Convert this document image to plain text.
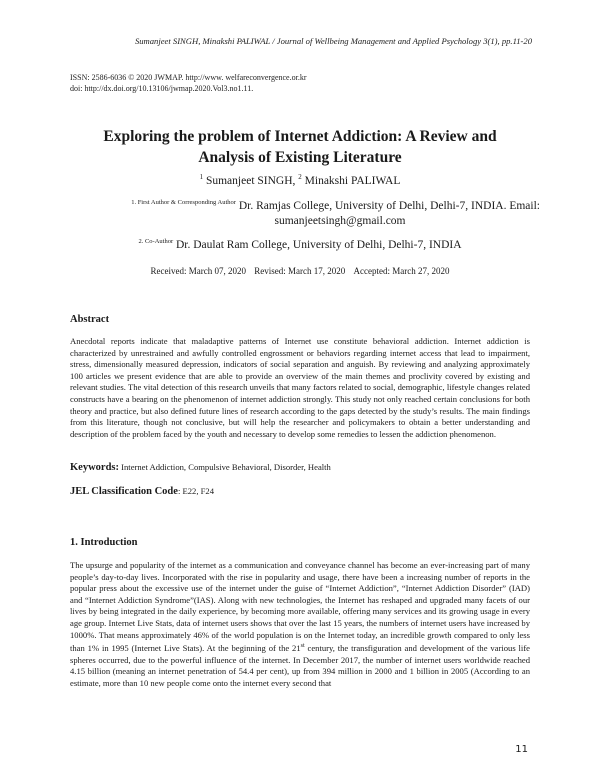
Sumanjeet SINGH, Minakshi PALIWAL / Journal of Wellbeing Management and Applied Psychology 3(1), pp.11-20
ISSN: 2586-6036 © 2020 JWMAP. http://www. welfareconvergence.or.kr
doi: http://dx.doi.org/10.13106/jwmap.2020.Vol3.no1.11.
Exploring the problem of Internet Addiction: A Review and
Analysis of Existing Literature
$^1$ Sumanjeet SINGH, $^2$ Minakshi PALIWAL
$^{1. First Author \& Corresponding Author}$ Dr. Ramjas College, University of Delhi, Delhi-7, INDIA. Email:
sumanjeetsingh@gmail.com
$^{2. Co-Author}$ Dr. Daulat Ram College, University of Delhi, Delhi-7, INDIA
Received: March 07, 2020 Revised: March 17, 2020 Accepted: March 27, 2020
Abstract
Anecdotal reports indicate that maladaptive patterns of Internet use constitute behavioral addiction. Internet addiction is characterized by unrestrained and awfully controlled engrossment or behaviors regarding internet access that lead to impairment, stress, dimensionally measured depression, indicators of social separation and anguish. By reviewing and analyzing approximately 100 articles we present evidence that are able to provide an overview of the main themes and proclivity covered by existing and relevant studies. The vital detection of this research unveils that many factors related to social, demographic, lifestyle changes related constructs have a bearing on the phenomenon of internet addiction strongly. This study not only reached certain conclusions for both theory and practice, but also defined future lines of research according to the gaps detected by the study’s results. The main findings from this literature, though not conclusive, but will help the researcher and policymakers to obtain a better understanding and description of the problem faced by the youth and necessary to develop some remedies to lessen the addiction phenomenon.
Keywords: Internet Addiction, Compulsive Behavioral, Disorder, Health
JEL Classification Code: E22, F24
1. Introduction
The upsurge and popularity of the internet as a communication and conveyance channel has become an ever-increasing part of many people’s day-to-day lives. Incorporated with the rise in popularity and usage, there have been a increasing number of reports in the popular press about the excessive use of the internet under the guise of “Internet Addiction”, “Internet Addiction Disorder” (IAD) and “Internet Addiction Syndrome”(IAS). Along with new technologies, the Internet has reshaped and upgraded many facets of our lives by being integrated in the daily experience, by becoming more available, offering many services and its growing usage in every age group. Internet Live Stats, data of internet users shows that over the last 15 years, the numbers of internet users have increased by 1000%. That means approximately 46% of the world population is on the Internet today, an incredible growth compared to only less than 1% in 1995 (Internet Live Stats). At the beginning of the 21st century, the transfiguration and development of the various life spheres occurred, due to the powerful influence of the internet. In December 2017, the number of internet users worldwide reached 4.15 billion (meaning an internet penetration of 54.4 per cent), up from 394 million in 2000 and 1 billion in 2005 (According to an estimate, more than 10 new people come onto the internet every second that
11
